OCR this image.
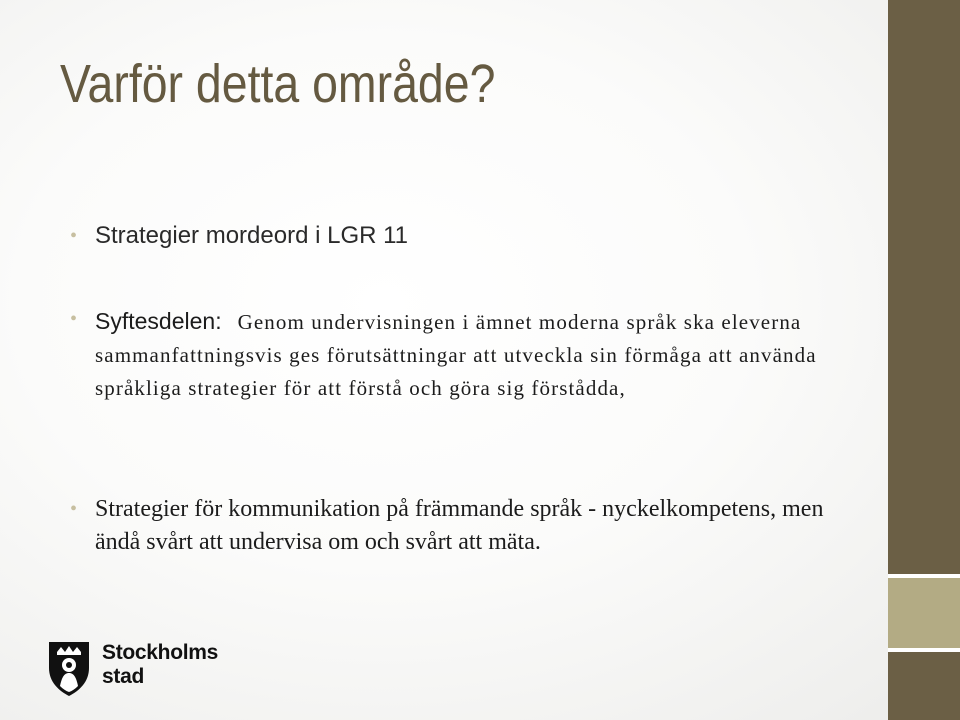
Varför detta område?
• Strategier mordeord i LGR 11
• Syftesdelen: Genom undervisningen i ämnet moderna språk ska eleverna sammanfattningsvis ges förutsättningar att utveckla sin förmåga att använda språkliga strategier för att förstå och göra sig förstådda,
• Strategier för kommunikation på främmande språk - nyckelkompetens, men ändå svårt att undervisa om och svårt att mäta.
Stockholms
stad
